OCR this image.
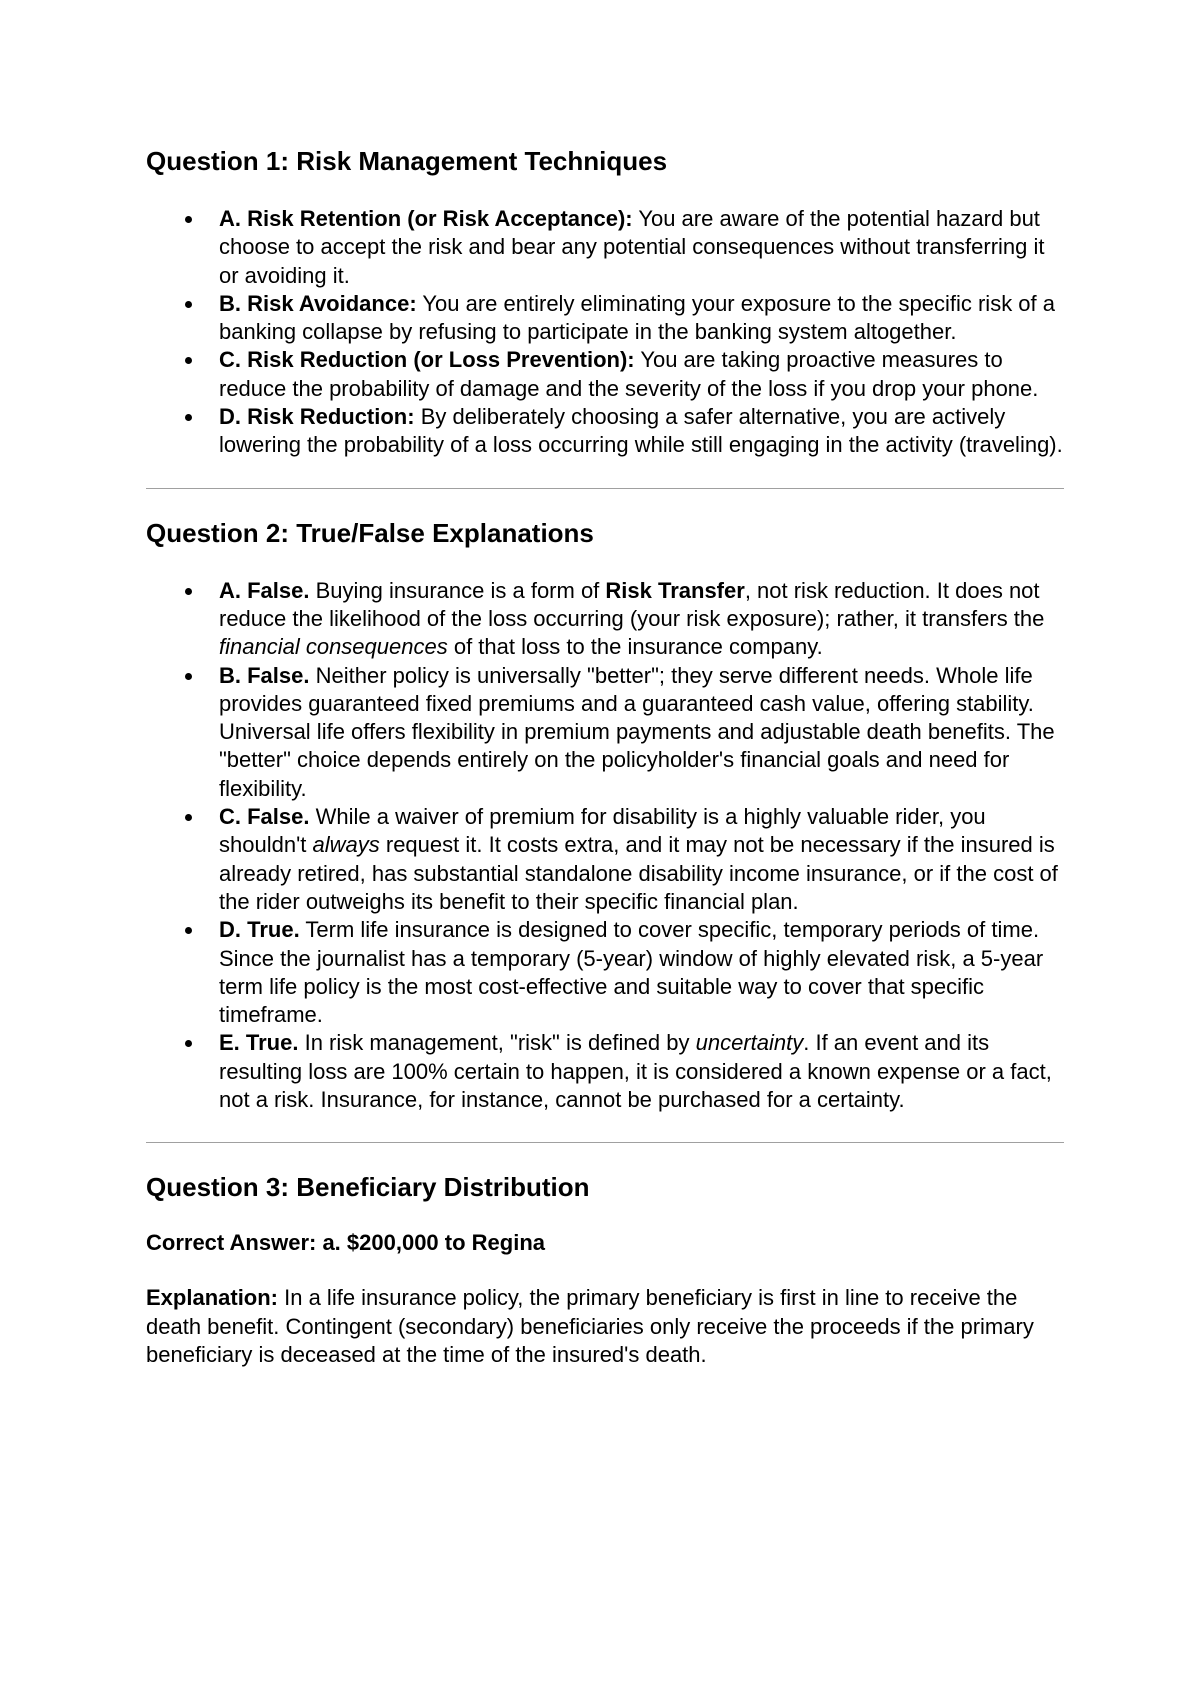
Question 1: Risk Management Techniques
A. Risk Retention (or Risk Acceptance): You are aware of the potential hazard but choose to accept the risk and bear any potential consequences without transferring it or avoiding it.
B. Risk Avoidance: You are entirely eliminating your exposure to the specific risk of a banking collapse by refusing to participate in the banking system altogether.
C. Risk Reduction (or Loss Prevention): You are taking proactive measures to reduce the probability of damage and the severity of the loss if you drop your phone.
D. Risk Reduction: By deliberately choosing a safer alternative, you are actively lowering the probability of a loss occurring while still engaging in the activity (traveling).
Question 2: True/False Explanations
A. False. Buying insurance is a form of Risk Transfer, not risk reduction. It does not reduce the likelihood of the loss occurring (your risk exposure); rather, it transfers the financial consequences of that loss to the insurance company.
B. False. Neither policy is universally "better"; they serve different needs. Whole life provides guaranteed fixed premiums and a guaranteed cash value, offering stability. Universal life offers flexibility in premium payments and adjustable death benefits. The "better" choice depends entirely on the policyholder's financial goals and need for flexibility.
C. False. While a waiver of premium for disability is a highly valuable rider, you shouldn't always request it. It costs extra, and it may not be necessary if the insured is already retired, has substantial standalone disability income insurance, or if the cost of the rider outweighs its benefit to their specific financial plan.
D. True. Term life insurance is designed to cover specific, temporary periods of time. Since the journalist has a temporary (5-year) window of highly elevated risk, a 5-year term life policy is the most cost-effective and suitable way to cover that specific timeframe.
E. True. In risk management, "risk" is defined by uncertainty. If an event and its resulting loss are 100% certain to happen, it is considered a known expense or a fact, not a risk. Insurance, for instance, cannot be purchased for a certainty.
Question 3: Beneficiary Distribution

Correct Answer: a. $200,000 to Regina

Explanation: In a life insurance policy, the primary beneficiary is first in line to receive the death benefit. Contingent (secondary) beneficiaries only receive the proceeds if the primary beneficiary is deceased at the time of the insured's death.
